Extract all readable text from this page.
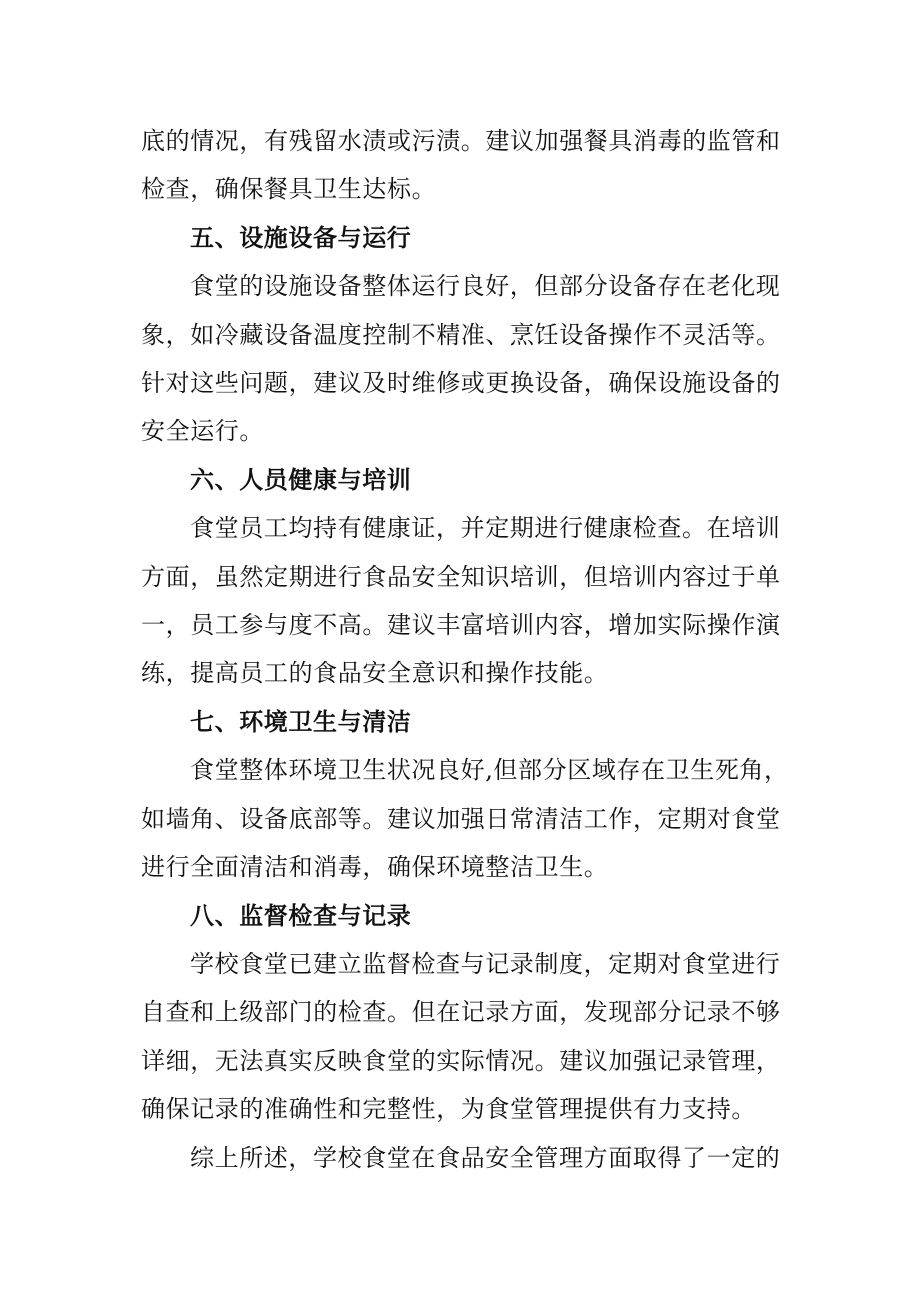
底的情况，有残留水渍或污渍。建议加强餐具消毒的监管和
检查，确保餐具卫生达标。
五、设施设备与运行
食堂的设施设备整体运行良好，但部分设备存在老化现
象，如冷藏设备温度控制不精准、烹饪设备操作不灵活等。
针对这些问题，建议及时维修或更换设备，确保设施设备的
安全运行。
六、人员健康与培训
食堂员工均持有健康证，并定期进行健康检查。在培训
方面，虽然定期进行食品安全知识培训，但培训内容过于单
一，员工参与度不高。建议丰富培训内容，增加实际操作演
练，提高员工的食品安全意识和操作技能。
七、环境卫生与清洁
食堂整体环境卫生状况良好,但部分区域存在卫生死角，
如墙角、设备底部等。建议加强日常清洁工作，定期对食堂
进行全面清洁和消毒，确保环境整洁卫生。
八、监督检查与记录
学校食堂已建立监督检查与记录制度，定期对食堂进行
自查和上级部门的检查。但在记录方面，发现部分记录不够
详细，无法真实反映食堂的实际情况。建议加强记录管理，
确保记录的准确性和完整性，为食堂管理提供有力支持。
综上所述，学校食堂在食品安全管理方面取得了一定的
